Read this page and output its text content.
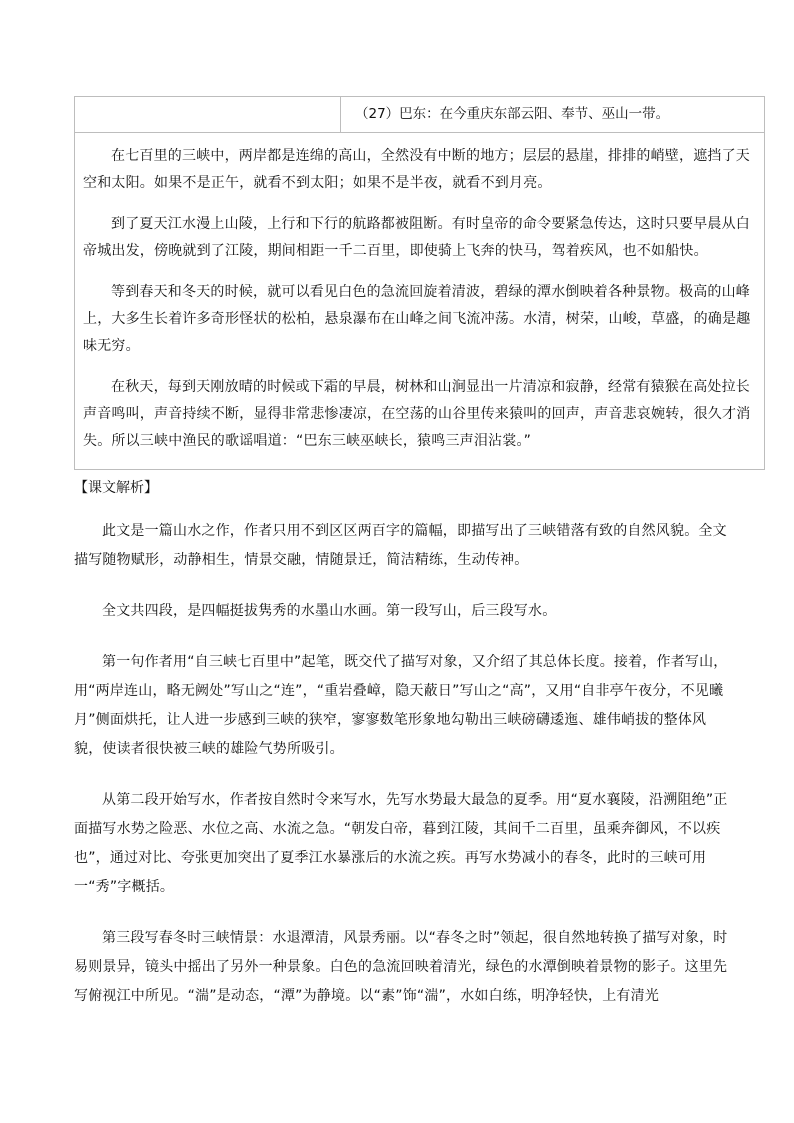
（27）巴东：在今重庆东部云阳、奉节、巫山一带。

在七百里的三峡中，两岸都是连绵的高山，全然没有中断的地方；层层的悬崖，排排的峭壁，遮挡了天空和太阳。如果不是正午，就看不到太阳；如果不是半夜，就看不到月亮。

到了夏天江水漫上山陵，上行和下行的航路都被阻断。有时皇帝的命令要紧急传达，这时只要早晨从白帝城出发，傍晚就到了江陵，期间相距一千二百里，即使骑上飞奔的快马，驾着疾风，也不如船快。

等到春天和冬天的时候，就可以看见白色的急流回旋着清波，碧绿的潭水倒映着各种景物。极高的山峰上，大多生长着许多奇形怪状的松柏，悬泉瀑布在山峰之间飞流冲荡。水清，树荣，山峻，草盛，的确是趣味无穷。

在秋天，每到天刚放晴的时候或下霜的早晨，树林和山涧显出一片清凉和寂静，经常有猿猴在高处拉长声音鸣叫，声音持续不断，显得非常悲惨凄凉，在空荡的山谷里传来猿叫的回声，声音悲哀婉转，很久才消失。所以三峡中渔民的歌谣唱道：“巴东三峡巫峡长，猿鸣三声泪沾裳。”

【课文解析】

此文是一篇山水之作，作者只用不到区区两百字的篇幅，即描写出了三峡错落有致的自然风貌。全文描写随物赋形，动静相生，情景交融，情随景迁，简洁精练，生动传神。

全文共四段，是四幅挺拔隽秀的水墨山水画。第一段写山，后三段写水。

第一句作者用“自三峡七百里中”起笔，既交代了描写对象，又介绍了其总体长度。接着，作者写山，用“两岸连山，略无阙处”写山之“连”，“重岩叠嶂，隐天蔽日”写山之“高”，又用“自非亭午夜分，不见曦月”侧面烘托，让人进一步感到三峡的狭窄，寥寥数笔形象地勾勒出三峡磅礴逶迤、雄伟峭拔的整体风貌，使读者很快被三峡的雄险气势所吸引。

从第二段开始写水，作者按自然时令来写水，先写水势最大最急的夏季。用“夏水襄陵，沿溯阻绝”正面描写水势之险恶、水位之高、水流之急。“朝发白帝，暮到江陵，其间千二百里，虽乘奔御风，不以疾也”，通过对比、夸张更加突出了夏季江水暴涨后的水流之疾。再写水势减小的春冬，此时的三峡可用一“秀”字概括。

第三段写春冬时三峡情景：水退潭清，风景秀丽。以“春冬之时”领起，很自然地转换了描写对象，时易则景异，镜头中摇出了另外一种景象。白色的急流回映着清光，绿色的水潭倒映着景物的影子。这里先写俯视江中所见。“湍”是动态，“潭”为静境。以“素”饰“湍”，水如白练，明净轻快，上有清光
